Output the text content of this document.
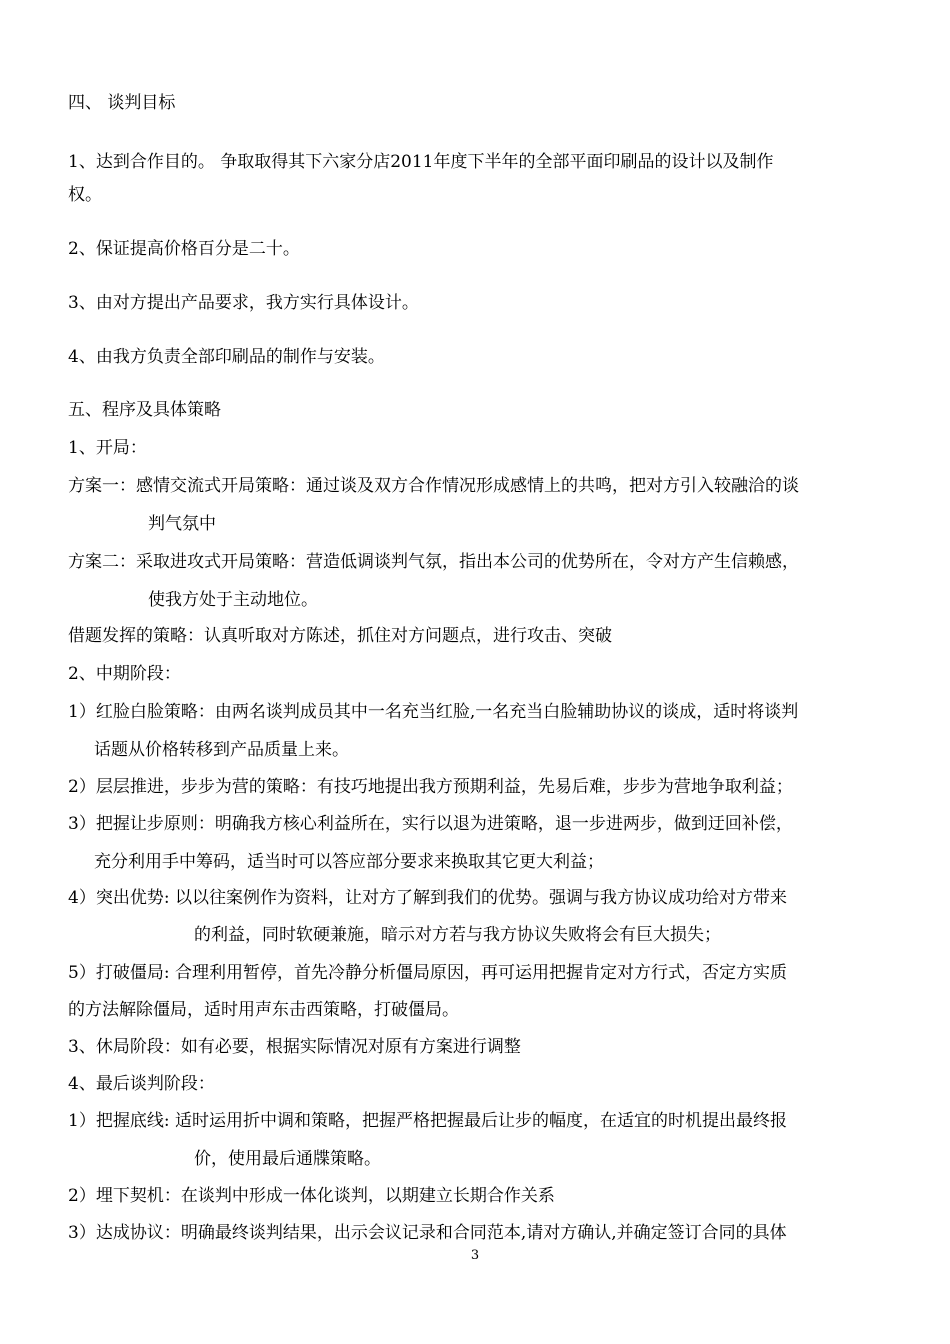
四、 谈判目标
1、达到合作目的。 争取取得其下六家分店2011年度下半年的全部平面印刷品的设计以及制作
权。
2、保证提高价格百分是二十。
3、由对方提出产品要求，我方实行具体设计。
4、由我方负责全部印刷品的制作与安装。
五、程序及具体策略
1、开局：
方案一：感情交流式开局策略：通过谈及双方合作情况形成感情上的共鸣，把对方引入较融洽的谈
判气氛中
方案二：采取进攻式开局策略：营造低调谈判气氛，指出本公司的优势所在，令对方产生信赖感，
使我方处于主动地位。
借题发挥的策略：认真听取对方陈述，抓住对方问题点，进行攻击、突破
2、中期阶段：
1）红脸白脸策略：由两名谈判成员其中一名充当红脸,一名充当白脸辅助协议的谈成，适时将谈判
话题从价格转移到产品质量上来。
2）层层推进，步步为营的策略：有技巧地提出我方预期利益，先易后难，步步为营地争取利益；
3）把握让步原则：明确我方核心利益所在，实行以退为进策略，退一步进两步，做到迂回补偿，
充分利用手中筹码，适当时可以答应部分要求来换取其它更大利益；
4）突出优势: 以以往案例作为资料，让对方了解到我们的优势。强调与我方协议成功给对方带来
的利益，同时软硬兼施，暗示对方若与我方协议失败将会有巨大损失；
5）打破僵局: 合理利用暂停，首先冷静分析僵局原因，再可运用把握肯定对方行式，否定方实质
的方法解除僵局，适时用声东击西策略，打破僵局。
3、休局阶段：如有必要，根据实际情况对原有方案进行调整
4、最后谈判阶段：
1）把握底线: 适时运用折中调和策略，把握严格把握最后让步的幅度，在适宜的时机提出最终报
价，使用最后通牒策略。
2）埋下契机：在谈判中形成一体化谈判，以期建立长期合作关系
3）达成协议：明确最终谈判结果，出示会议记录和合同范本,请对方确认,并确定签订合同的具体
3
